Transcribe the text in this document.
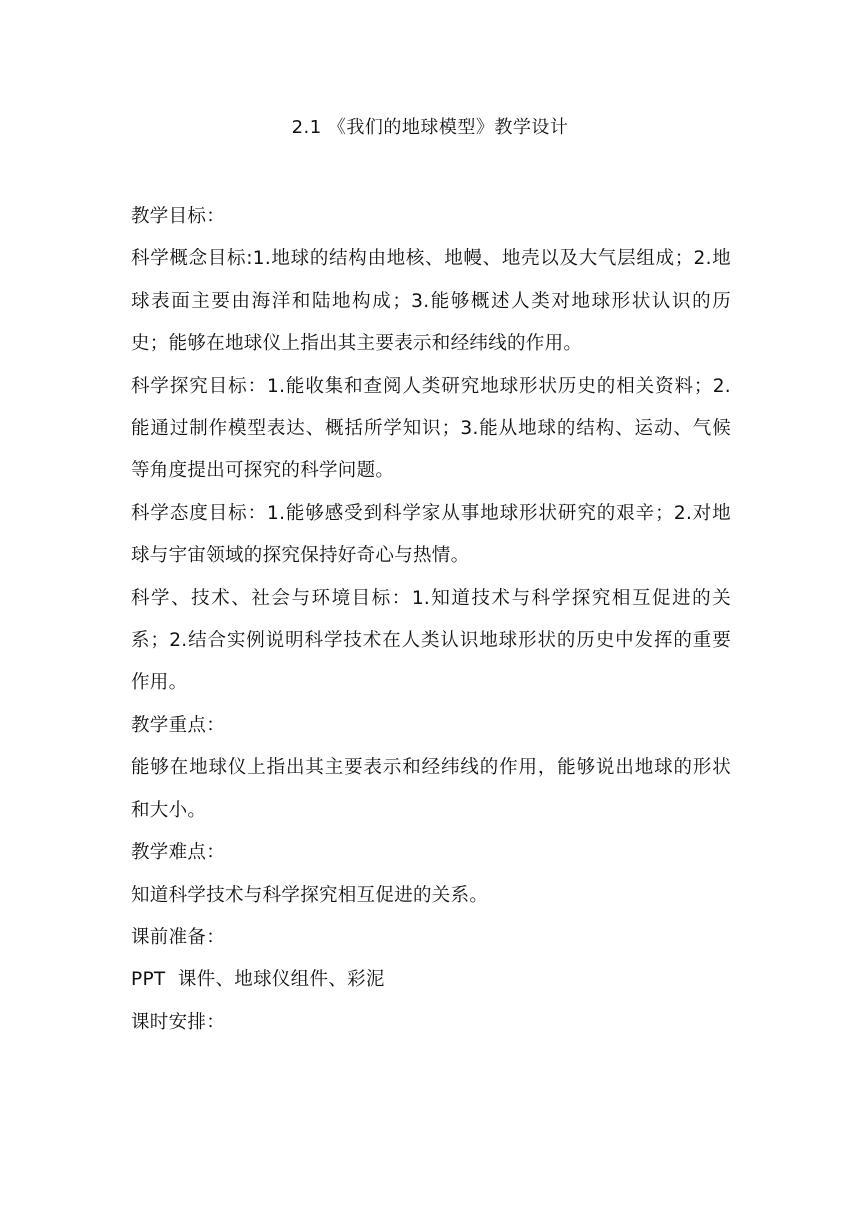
2.1 《我们的地球模型》教学设计

教学目标：

科学概念目标:1.地球的结构由地核、地幔、地壳以及大气层组成；2.地球表面主要由海洋和陆地构成；3.能够概述人类对地球形状认识的历史；能够在地球仪上指出其主要表示和经纬线的作用。

科学探究目标：1.能收集和查阅人类研究地球形状历史的相关资料；2.能通过制作模型表达、概括所学知识；3.能从地球的结构、运动、气候等角度提出可探究的科学问题。

科学态度目标：1.能够感受到科学家从事地球形状研究的艰辛；2.对地球与宇宙领域的探究保持好奇心与热情。

科学、技术、社会与环境目标：1.知道技术与科学探究相互促进的关系；2.结合实例说明科学技术在人类认识地球形状的历史中发挥的重要作用。

教学重点：

能够在地球仪上指出其主要表示和经纬线的作用，能够说出地球的形状和大小。

教学难点：

知道科学技术与科学探究相互促进的关系。

课前准备：

PPT  课件、地球仪组件、彩泥

课时安排：
